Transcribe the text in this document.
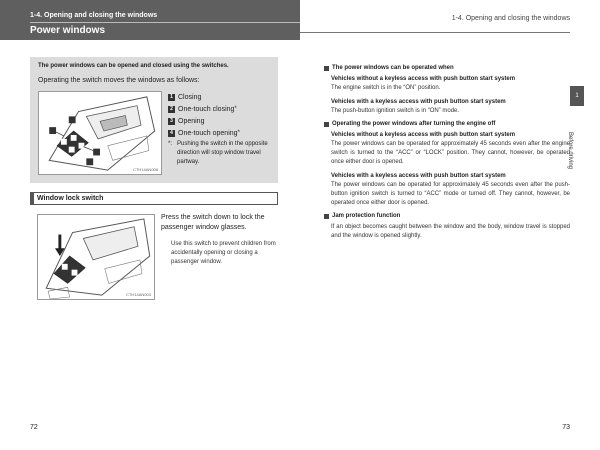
1-4. Opening and closing the windows
Power windows
1-4. Opening and closing the windows
The power windows can be opened and closed using the switches.
Operating the switch moves the windows as follows:
CTH14AN008
1 Closing
2 One-touch closing *
3 Opening
4 One-touch opening *
*: Pushing the switch in the opposite direction will stop window travel partway.
Window lock switch
CTH14AN003
Press the switch down to lock the passenger window glasses.
Use this switch to prevent children from accidentally opening or closing a passenger window.
72	73
The power windows can be operated when
Vehicles without a keyless access with push button start system
The engine switch is in the “ON” position.
Vehicles with a keyless access with push button start system
The push-button ignition switch is in “ON” mode.
Operating the power windows after turning the engine off
Vehicles without a keyless access with push button start system
The power windows can be operated for approximately 45 seconds even after the engine switch is turned to the “ACC” or “LOCK” position. They cannot, however, be operated once either door is opened.
Vehicles with a keyless access with push button start system
The power windows can be operated for approximately 45 seconds even after the push-button ignition switch is turned to “ACC” mode or turned off. They cannot, however, be operated once either door is opened.
Jam protection function
If an object becomes caught between the window and the body, window travel is stopped and the window is opened slightly.
1
Before driving
